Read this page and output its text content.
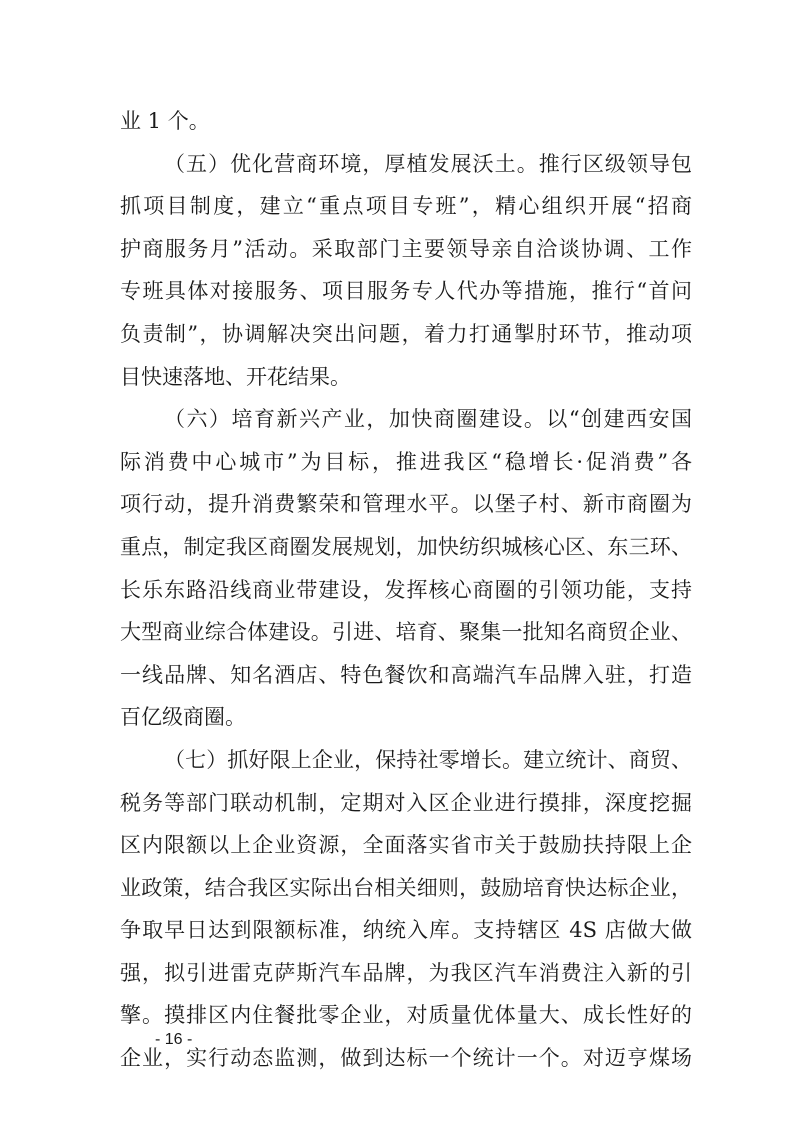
业 1 个。
（五）优化营商环境，厚植发展沃土。推行区级领导包
抓项目制度，建立“重点项目专班”，精心组织开展“招商
护商服务月”活动。采取部门主要领导亲自洽谈协调、工作
专班具体对接服务、项目服务专人代办等措施，推行“首问
负责制”，协调解决突出问题，着力打通掣肘环节，推动项
目快速落地、开花结果。
（六）培育新兴产业，加快商圈建设。以“创建西安国
际消费中心城市”为目标，推进我区“稳增长·促消费”各
项行动，提升消费繁荣和管理水平。以堡子村、新市商圈为
重点，制定我区商圈发展规划，加快纺织城核心区、东三环、
长乐东路沿线商业带建设，发挥核心商圈的引领功能，支持
大型商业综合体建设。引进、培育、聚集一批知名商贸企业、
一线品牌、知名酒店、特色餐饮和高端汽车品牌入驻，打造
百亿级商圈。
（七）抓好限上企业，保持社零增长。建立统计、商贸、
税务等部门联动机制，定期对入区企业进行摸排，深度挖掘
区内限额以上企业资源，全面落实省市关于鼓励扶持限上企
业政策，结合我区实际出台相关细则，鼓励培育快达标企业，
争取早日达到限额标准，纳统入库。支持辖区 4S 店做大做
强，拟引进雷克萨斯汽车品牌，为我区汽车消费注入新的引
擎。摸排区内住餐批零企业，对质量优体量大、成长性好的
企业，实行动态监测，做到达标一个统计一个。对迈亨煤场
- 16 -
